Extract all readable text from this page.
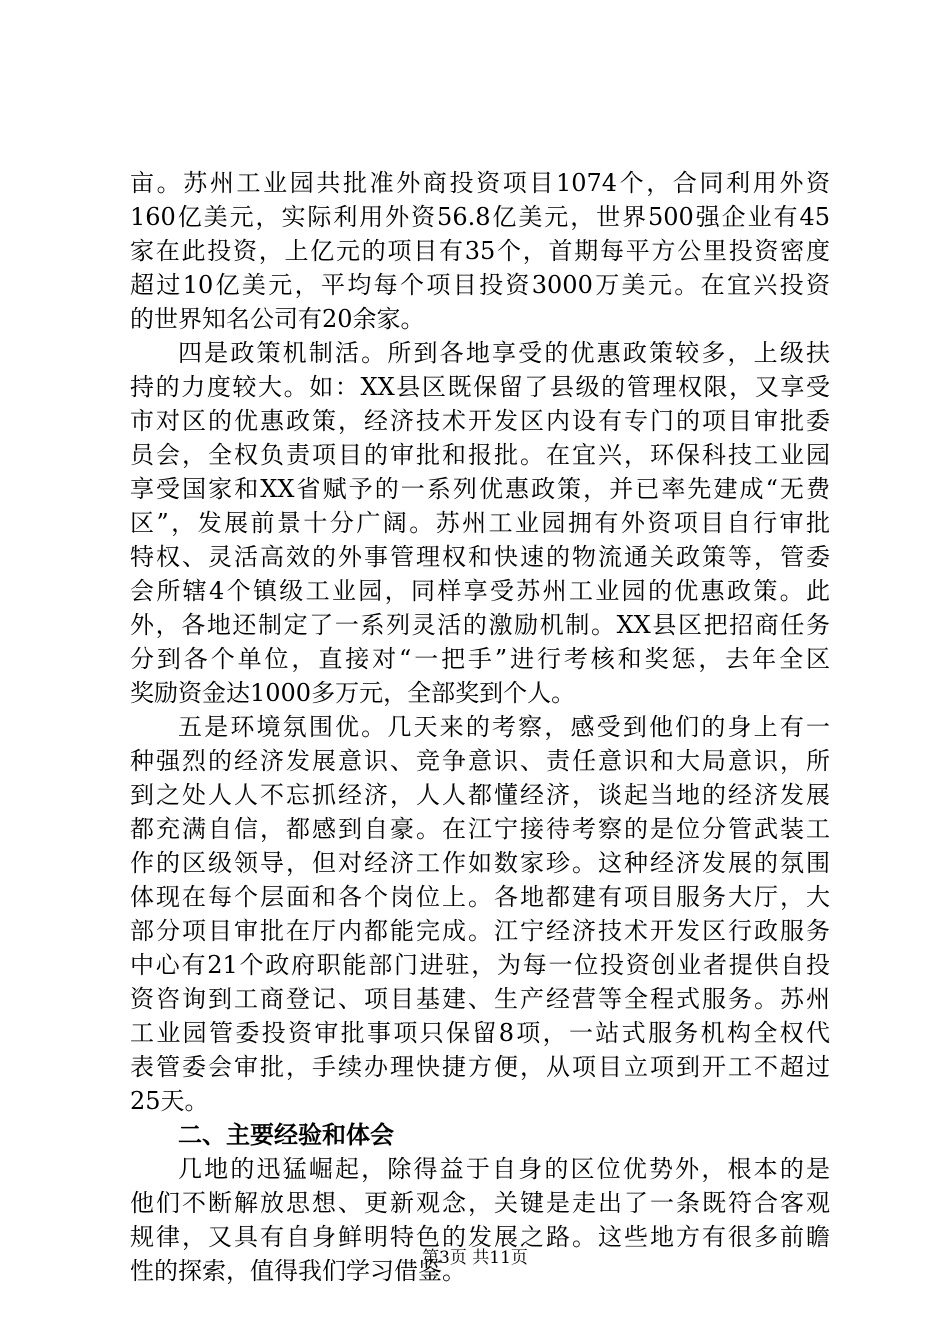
亩。苏州工业园共批准外商投资项目1074个，合同利用外资
160亿美元，实际利用外资56.8亿美元，世界500强企业有45
家在此投资，上亿元的项目有35个，首期每平方公里投资密度
超过10亿美元，平均每个项目投资3000万美元。在宜兴投资
的世界知名公司有20余家。
四是政策机制活。所到各地享受的优惠政策较多，上级扶
持的力度较大。如：XX县区既保留了县级的管理权限，又享受
市对区的优惠政策，经济技术开发区内设有专门的项目审批委
员会，全权负责项目的审批和报批。在宜兴，环保科技工业园
享受国家和XX省赋予的一系列优惠政策，并已率先建成“无费
区”，发展前景十分广阔。苏州工业园拥有外资项目自行审批
特权、灵活高效的外事管理权和快速的物流通关政策等，管委
会所辖4个镇级工业园，同样享受苏州工业园的优惠政策。此
外，各地还制定了一系列灵活的激励机制。XX县区把招商任务
分到各个单位，直接对“一把手”进行考核和奖惩，去年全区
奖励资金达1000多万元，全部奖到个人。
五是环境氛围优。几天来的考察，感受到他们的身上有一
种强烈的经济发展意识、竞争意识、责任意识和大局意识，所
到之处人人不忘抓经济，人人都懂经济，谈起当地的经济发展
都充满自信，都感到自豪。在江宁接待考察的是位分管武装工
作的区级领导，但对经济工作如数家珍。这种经济发展的氛围
体现在每个层面和各个岗位上。各地都建有项目服务大厅，大
部分项目审批在厅内都能完成。江宁经济技术开发区行政服务
中心有21个政府职能部门进驻，为每一位投资创业者提供自投
资咨询到工商登记、项目基建、生产经营等全程式服务。苏州
工业园管委投资审批事项只保留8项，一站式服务机构全权代
表管委会审批，手续办理快捷方便，从项目立项到开工不超过
25天。
二、主要经验和体会
几地的迅猛崛起，除得益于自身的区位优势外，根本的是
他们不断解放思想、更新观念，关键是走出了一条既符合客观
规律，又具有自身鲜明特色的发展之路。这些地方有很多前瞻
性的探索，值得我们学习借鉴。
第3页 共11页
